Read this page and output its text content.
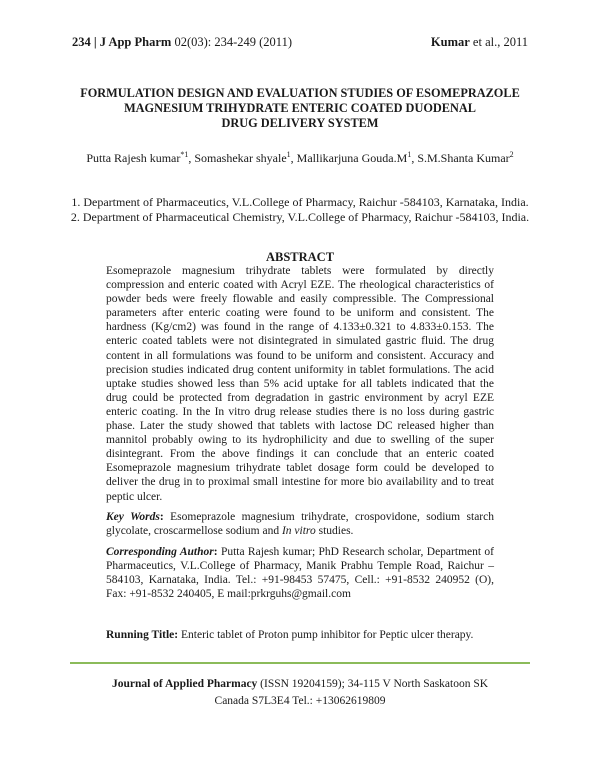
234 | J App Pharm 02(03): 234-249 (2011)	Kumar et al., 2011
FORMULATION DESIGN AND EVALUATION STUDIES OF ESOMEPRAZOLE
MAGNESIUM TRIHYDRATE ENTERIC COATED DUODENAL
DRUG DELIVERY SYSTEM
Putta Rajesh kumar$^{*1}$, Somashekar shyale$^1$, Mallikarjuna $Gouda.M^1$, S.M.Shanta Kumar$^2$
1. Department of Pharmaceutics, V.L.College of Pharmacy, Raichur -584103, Karnataka, India.
2. Department of Pharmaceutical Chemistry, V.L.College of Pharmacy, Raichur -584103, India.
ABSTRACT
Esomeprazole magnesium trihydrate tablets were formulated by directly compression and enteric coated with Acryl EZE. The rheological characteristics of powder beds were freely flowable and easily compressible. The Compressional parameters after enteric coating were found to be uniform and consistent. The hardness (Kg/cm2) was found in the range of 4.133±0.321 to 4.833±0.153. The enteric coated tablets were not disintegrated in simulated gastric fluid. The drug content in all formulations was found to be uniform and consistent. Accuracy and precision studies indicated drug content uniformity in tablet formulations. The acid uptake studies showed less than 5% acid uptake for all tablets indicated that the drug could be protected from degradation in gastric environment by acryl EZE enteric coating. In the In vitro drug release studies there is no loss during gastric phase. Later the study showed that tablets with lactose DC released higher than mannitol probably owing to its hydrophilicity and due to swelling of the super disintegrant. From the above findings it can conclude that an enteric coated Esomeprazole magnesium trihydrate tablet dosage form could be developed to deliver the drug in to proximal small intestine for more bio availability and to treat peptic ulcer.
Key Words: Esomeprazole magnesium trihydrate, crospovidone, sodium starch glycolate, croscarmellose sodium and In vitro studies.
Corresponding Author: Putta Rajesh kumar; PhD Research scholar, Department of Pharmaceutics, V.L.College of Pharmacy, Manik Prabhu Temple Road, Raichur – 584103, Karnataka, India. Tel.: +91-98453 57475, Cell.: +91-8532 240952 (O), Fax: +91-8532 240405, E mail:prkrguhs@gmail.com
Running Title: Enteric tablet of Proton pump inhibitor for Peptic ulcer therapy.
Journal of Applied Pharmacy (ISSN 19204159); 34-115 V North Saskatoon SK
Canada S7L3E4 Tel.: +13062619809
